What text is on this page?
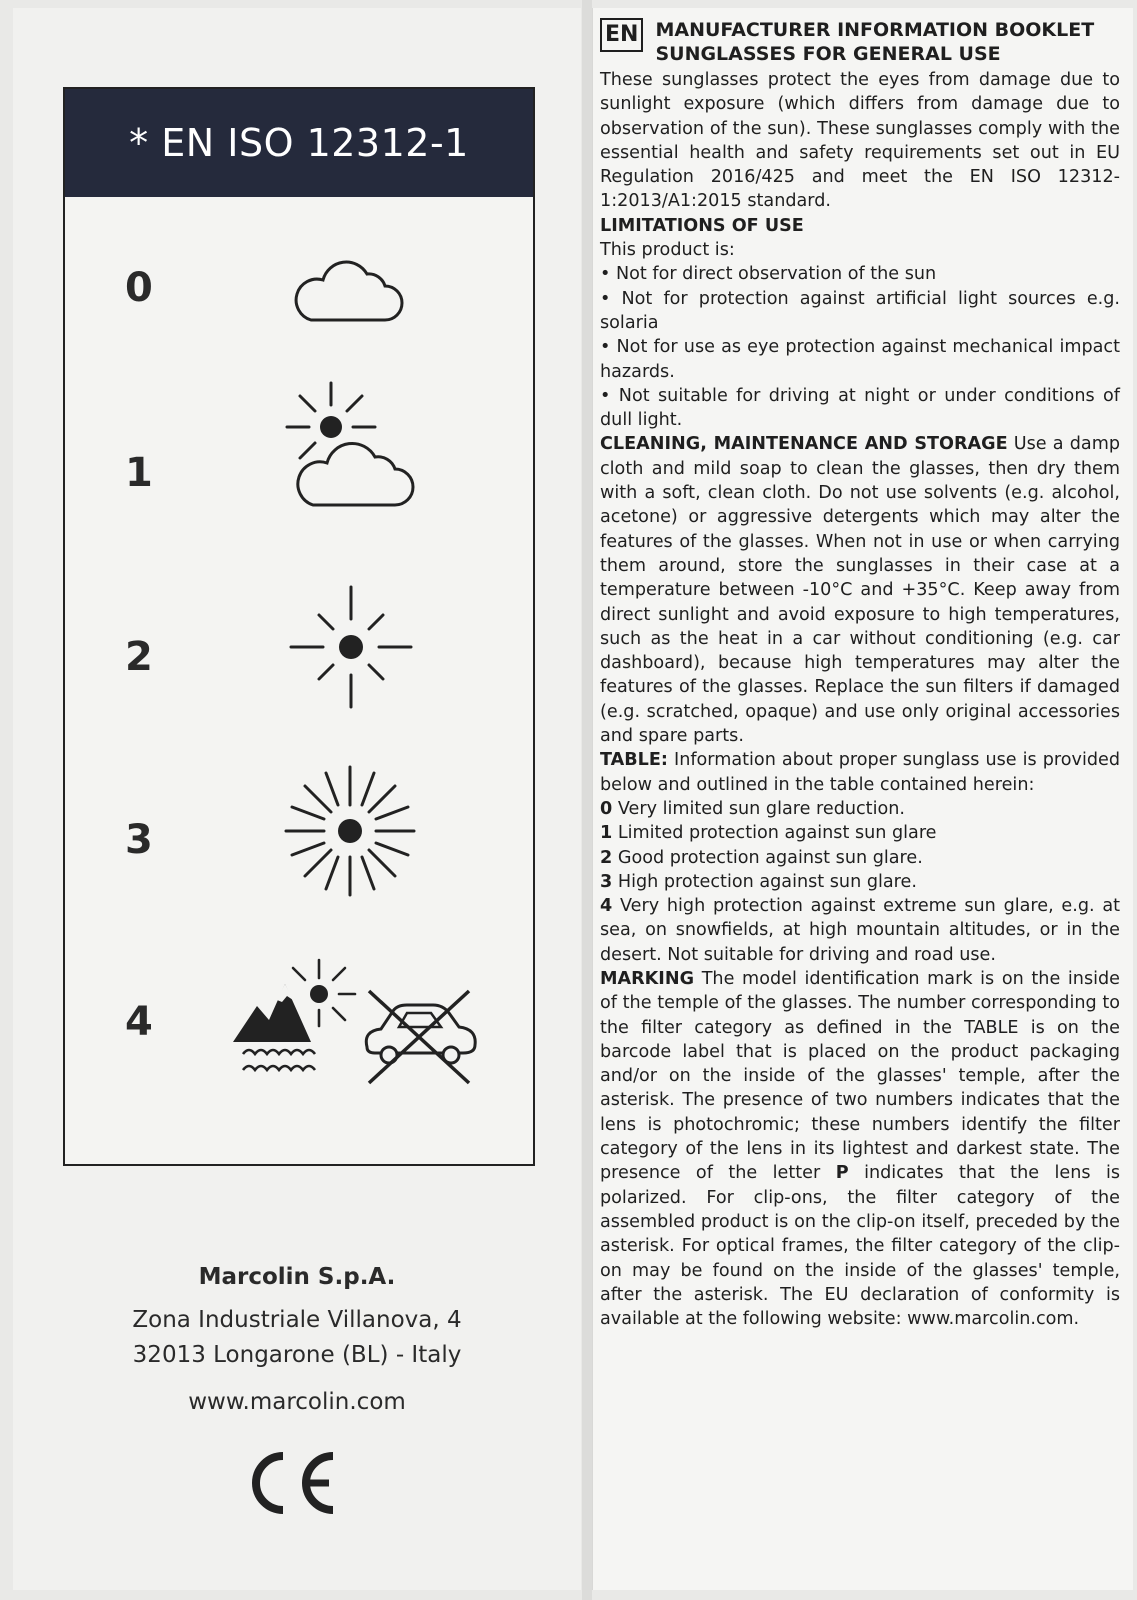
* EN ISO 12312-1
0
1
2
3
4
Marcolin S.p.A.
Zona Industriale Villanova, 4
32013 Longarone (BL) - Italy
www.marcolin.com
EN MANUFACTURER INFORMATION BOOKLET
SUNGLASSES FOR GENERAL USE

These sunglasses protect the eyes from damage due to sunlight exposure (which differs from damage due to observation of the sun). These sunglasses comply with the essential health and safety requirements set out in EU Regulation 2016/425 and meet the EN ISO 12312-1:2013/A1:2015 standard.

LIMITATIONS OF USE

This product is:

• Not for direct observation of the sun

• Not for protection against artificial light sources e.g. solaria

• Not for use as eye protection against mechanical impact hazards.

• Not suitable for driving at night or under conditions of dull light.

CLEANING, MAINTENANCE AND STORAGE Use a damp cloth and mild soap to clean the glasses, then dry them with a soft, clean cloth. Do not use solvents (e.g. alcohol, acetone) or aggressive detergents which may alter the features of the glasses. When not in use or when carrying them around, store the sunglasses in their case at a temperature between -10°C and +35°C. Keep away from direct sunlight and avoid exposure to high temperatures, such as the heat in a car without conditioning (e.g. car dashboard), because high temperatures may alter the features of the glasses. Replace the sun filters if damaged (e.g. scratched, opaque) and use only original accessories and spare parts.

TABLE: Information about proper sunglass use is provided below and outlined in the table contained herein:

0 Very limited sun glare reduction.

1 Limited protection against sun glare

2 Good protection against sun glare.

3 High protection against sun glare.

4 Very high protection against extreme sun glare, e.g. at sea, on snowfields, at high mountain altitudes, or in the desert. Not suitable for driving and road use.

MARKING The model identification mark is on the inside of the temple of the glasses. The number corresponding to the filter category as defined in the TABLE is on the barcode label that is placed on the product packaging and/or on the inside of the glasses' temple, after the asterisk. The presence of two numbers indicates that the lens is photochromic; these numbers identify the filter category of the lens in its lightest and darkest state. The presence of the letter P indicates that the lens is polarized. For clip-ons, the filter category of the assembled product is on the clip-on itself, preceded by the asterisk. For optical frames, the filter category of the clip-on may be found on the inside of the glasses' temple, after the asterisk. The EU declaration of conformity is available at the following website: www.marcolin.com.
